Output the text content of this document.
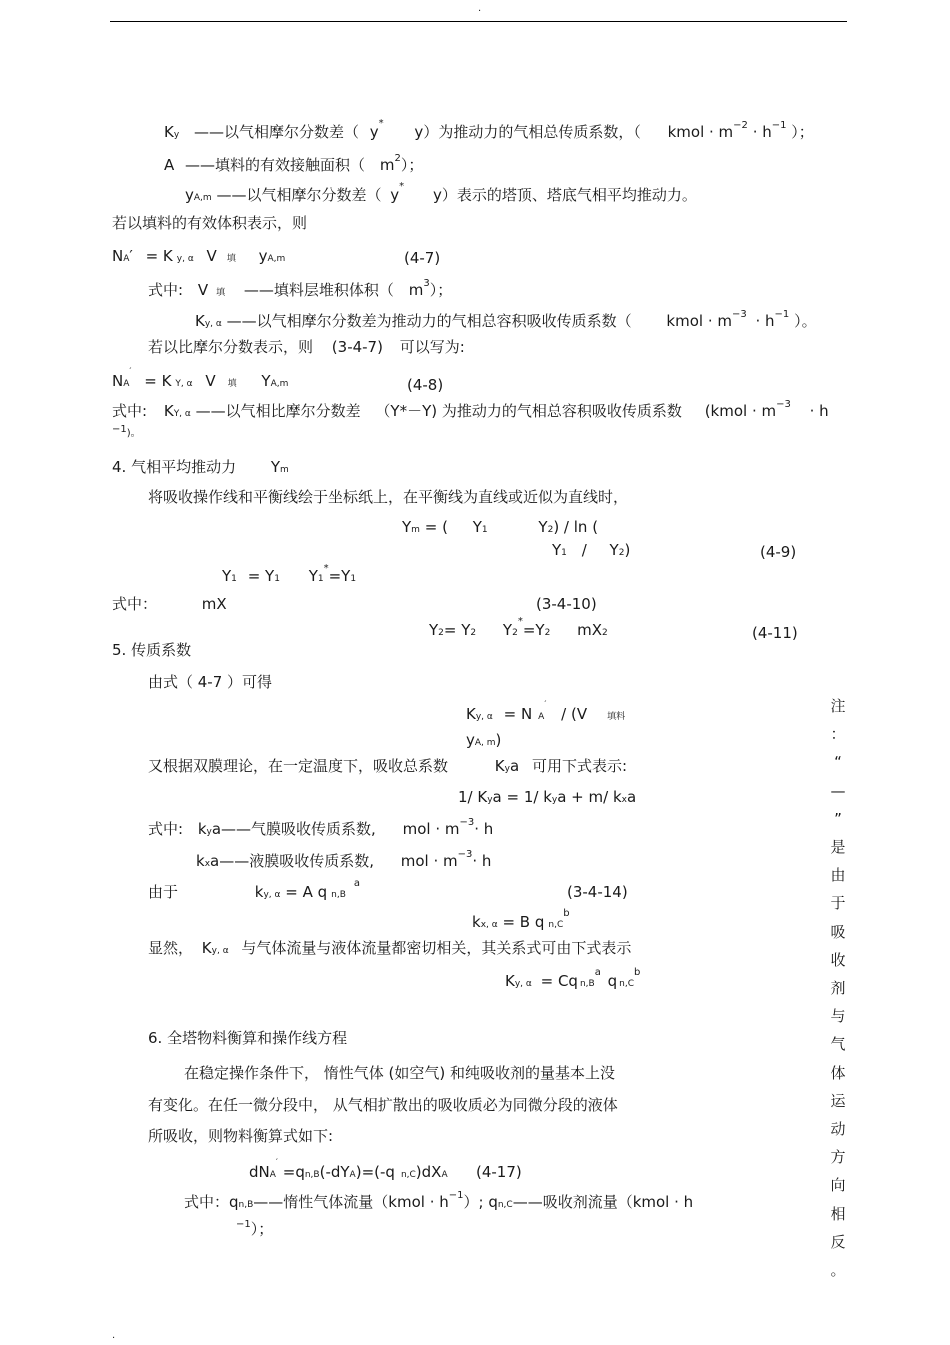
.
Ky ——以气相摩尔分数差（ y* y）为推动力的气相总传质系数，（ kmol · $m^{-2} \cdot h^{-1}$ ）；
A ——填料的有效接触面积（ $m^2$）；
yA,m ——以气相摩尔分数差（ y* y）表示的塔顶、塔底气相平均推动力。
若以填料的有效体积表示，则
NA′ = K y, α V 填 yA,m	(4-7)
式中: V 填 ——填料层堆积体积（ $m^3$）；
Ky, α ——以气相摩尔分数差为推动力的气相总容积吸收传质系数（ kmol · $m^{-3} \cdot h^{-1}$ ）。
若以比摩尔分数表示，则 (3-4-7) 可以写为:
NA′ = K Y, α V 填 YA,m	(4-8)
式中: KY, α ——以气相比摩尔分数差 （Y*－Y) 为推动力的气相总容积吸收传质系数 (kmol · $m^{-3} \cdot h$
−1)。
4. 气相平均推动力 Ym
将吸收操作线和平衡线绘于坐标纸上，在平衡线为直线或近似为直线时，
Ym = ( Y1	Y2) / ln (
Y1 / Y2)	(4-9)
Y1 = Y1 Y1*=Y1
式中：	mX	(3-4-10)
Y2= Y2 Y2*=Y2 mX2	(4-11)
5. 传质系数
由式（ 4-7 ）可得
Ky, α = N A′ / (V 填料
yA, m)
又根据双膜理论，在一定温度下，吸收总系数	Kya 可用下式表示:
1/ Kya = 1/ kya + m/ kxa
式中: kya——气膜吸收传质系数, mol · $m^{-3}\cdot h$
kxa——液膜吸收传质系数, mol · $m^{-3}\cdot h$
由于	ky, α = A q $n,B^a$	(3-4-14)
kx, α = B q $n,C^b$
显然， Ky, α 与气体流量与液体流量都密切相关，其关系式可由下式表示
Ky, α = Cq $n,B^a$ q $n,C^b$
6. 全塔物料衡算和操作线方程
在稳定操作条件下， 惰性气体 (如空气) 和纯吸收剂的量基本上没
有变化。在任一微分段中， 从气相扩散出的吸收质必为同微分段的液体
所吸收，则物料衡算式如下:
dNA′ =qn,B(-dYA)=(-q n,C)dXA (4-17)
式中：qn,B——惰性气体流量（kmol · $h^{-1}$）; qn,C——吸收剂流量（kmol · h
$^{-1}$）；
注
：
“
—
”
是
由
于
吸
收
剂
与
气
体
运
动
方
向
相
反
。
.
